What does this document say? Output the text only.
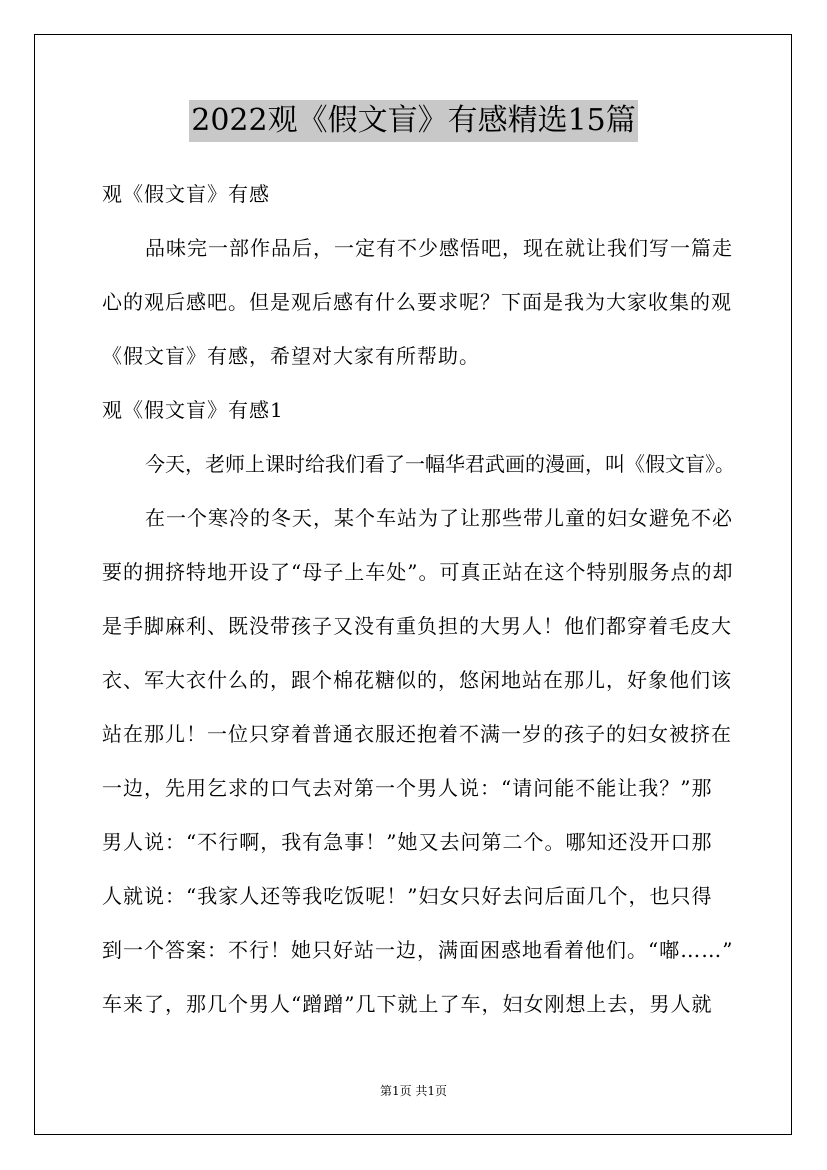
2022观《假文盲》有感精选15篇
观《假文盲》有感
品味完一部作品后，一定有不少感悟吧，现在就让我们写一篇走
心的观后感吧。但是观后感有什么要求呢？下面是我为大家收集的观
《假文盲》有感，希望对大家有所帮助。
观《假文盲》有感1
今天，老师上课时给我们看了一幅华君武画的漫画，叫《假文盲》。
在一个寒冷的冬天，某个车站为了让那些带儿童的妇女避免不必
要的拥挤特地开设了“母子上车处”。可真正站在这个特别服务点的却
是手脚麻利、既没带孩子又没有重负担的大男人！他们都穿着毛皮大
衣、军大衣什么的，跟个棉花糖似的，悠闲地站在那儿，好象他们该
站在那儿！一位只穿着普通衣服还抱着不满一岁的孩子的妇女被挤在
一边，先用乞求的口气去对第一个男人说：“请问能不能让我？”那
男人说：“不行啊，我有急事！”她又去问第二个。哪知还没开口那
人就说：“我家人还等我吃饭呢！”妇女只好去问后面几个，也只得
到一个答案：不行！她只好站一边，满面困惑地看着他们。“嘟……”
车来了，那几个男人“蹭蹭”几下就上了车，妇女刚想上去，男人就
第1页 共1页
